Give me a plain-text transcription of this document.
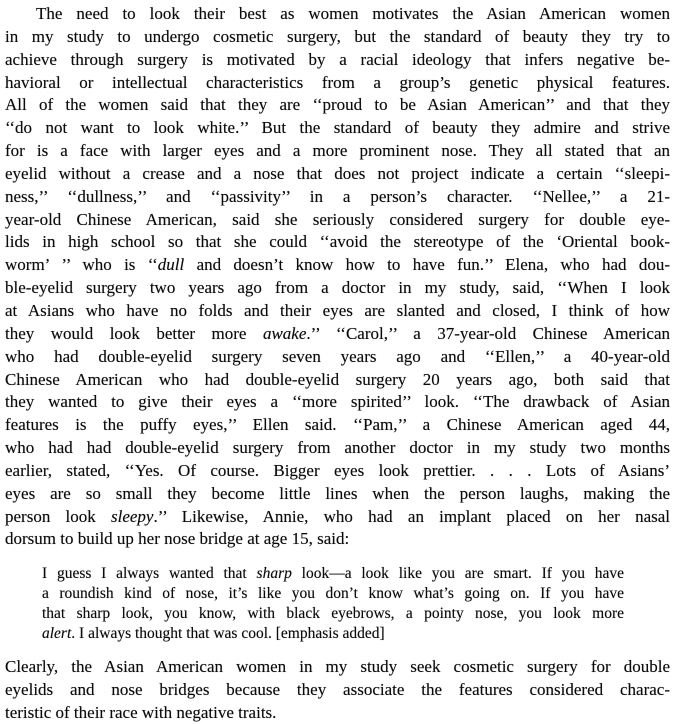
The need to look their best as women motivates the Asian American women
in my study to undergo cosmetic surgery, but the standard of beauty they try to
achieve through surgery is motivated by a racial ideology that infers negative be-
havioral or intellectual characteristics from a group’s genetic physical features.
All of the women said that they are ‘‘proud to be Asian American’’ and that they
‘‘do not want to look white.’’ But the standard of beauty they admire and strive
for is a face with larger eyes and a more prominent nose. They all stated that an
eyelid without a crease and a nose that does not project indicate a certain ‘‘sleepi-
ness,’’ ‘‘dullness,’’ and ‘‘passivity’’ in a person’s character. ‘‘Nellee,’’ a 21-
year-old Chinese American, said she seriously considered surgery for double eye-
lids in high school so that she could ‘‘avoid the stereotype of the ‘Oriental book-
worm’ ’’ who is ‘‘dull and doesn’t know how to have fun.’’ Elena, who had dou-
ble-eyelid surgery two years ago from a doctor in my study, said, ‘‘When I look
at Asians who have no folds and their eyes are slanted and closed, I think of how
they would look better more awake.’’ ‘‘Carol,’’ a 37-year-old Chinese American
who had double-eyelid surgery seven years ago and ‘‘Ellen,’’ a 40-year-old
Chinese American who had double-eyelid surgery 20 years ago, both said that
they wanted to give their eyes a ‘‘more spirited’’ look. ‘‘The drawback of Asian
features is the puffy eyes,’’ Ellen said. ‘‘Pam,’’ a Chinese American aged 44,
who had had double-eyelid surgery from another doctor in my study two months
earlier, stated, ‘‘Yes. Of course. Bigger eyes look prettier. . . . Lots of Asians’
eyes are so small they become little lines when the person laughs, making the
person look sleepy.’’ Likewise, Annie, who had an implant placed on her nasal
dorsum to build up her nose bridge at age 15, said:
I guess I always wanted that sharp look—a look like you are smart. If you have
a roundish kind of nose, it’s like you don’t know what’s going on. If you have
that sharp look, you know, with black eyebrows, a pointy nose, you look more
alert. I always thought that was cool. [emphasis added]
Clearly, the Asian American women in my study seek cosmetic surgery for double
eyelids and nose bridges because they associate the features considered charac-
teristic of their race with negative traits.
